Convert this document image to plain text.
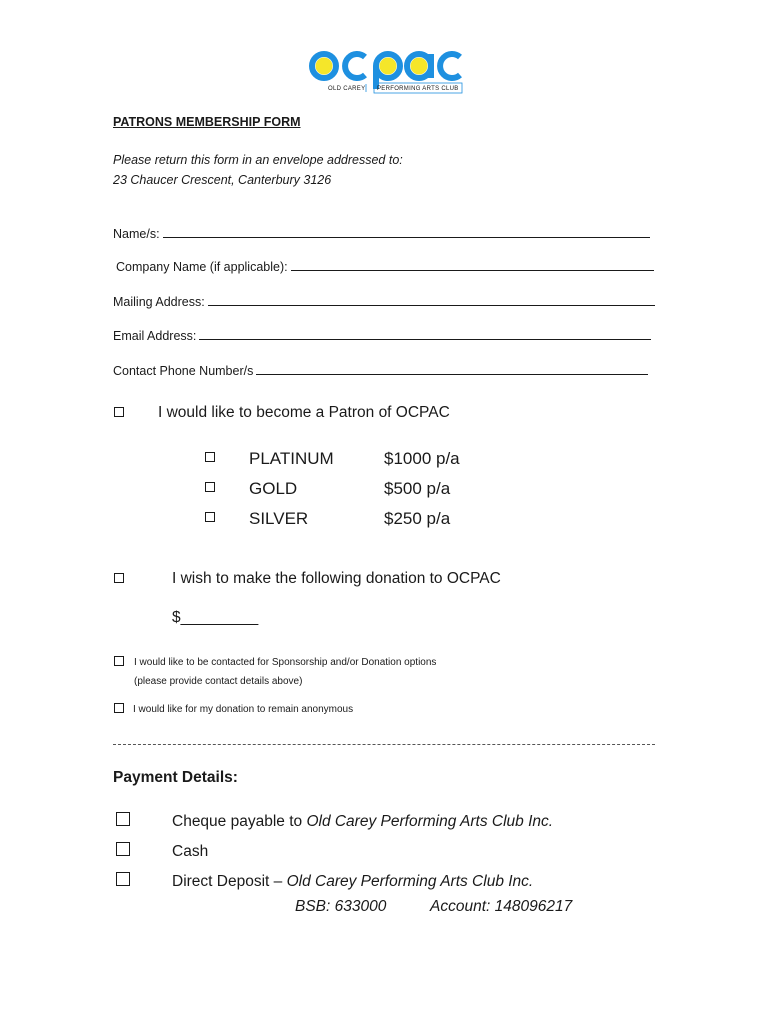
OLD CAREY PERFORMING ARTS CLUB
PATRONS MEMBERSHIP FORM
Please return this form in an envelope addressed to:
23 Chaucer Crescent, Canterbury 3126
Name/s:
Company Name (if applicable):
Mailing Address:
Email Address:
Contact Phone Number/s
I would like to become a Patron of OCPAC
PLATINUM	$1000 p/a
GOLD	$500 p/a
SILVER	$250 p/a
I wish to make the following donation to OCPAC
$_________
I would like to be contacted for Sponsorship and/or Donation options
(please provide contact details above)
I would like for my donation to remain anonymous
Payment Details:
Cheque payable to Old Carey Performing Arts Club Inc.
Cash
Direct Deposit – Old Carey Performing Arts Club Inc.
BSB: 633000	Account: 148096217
